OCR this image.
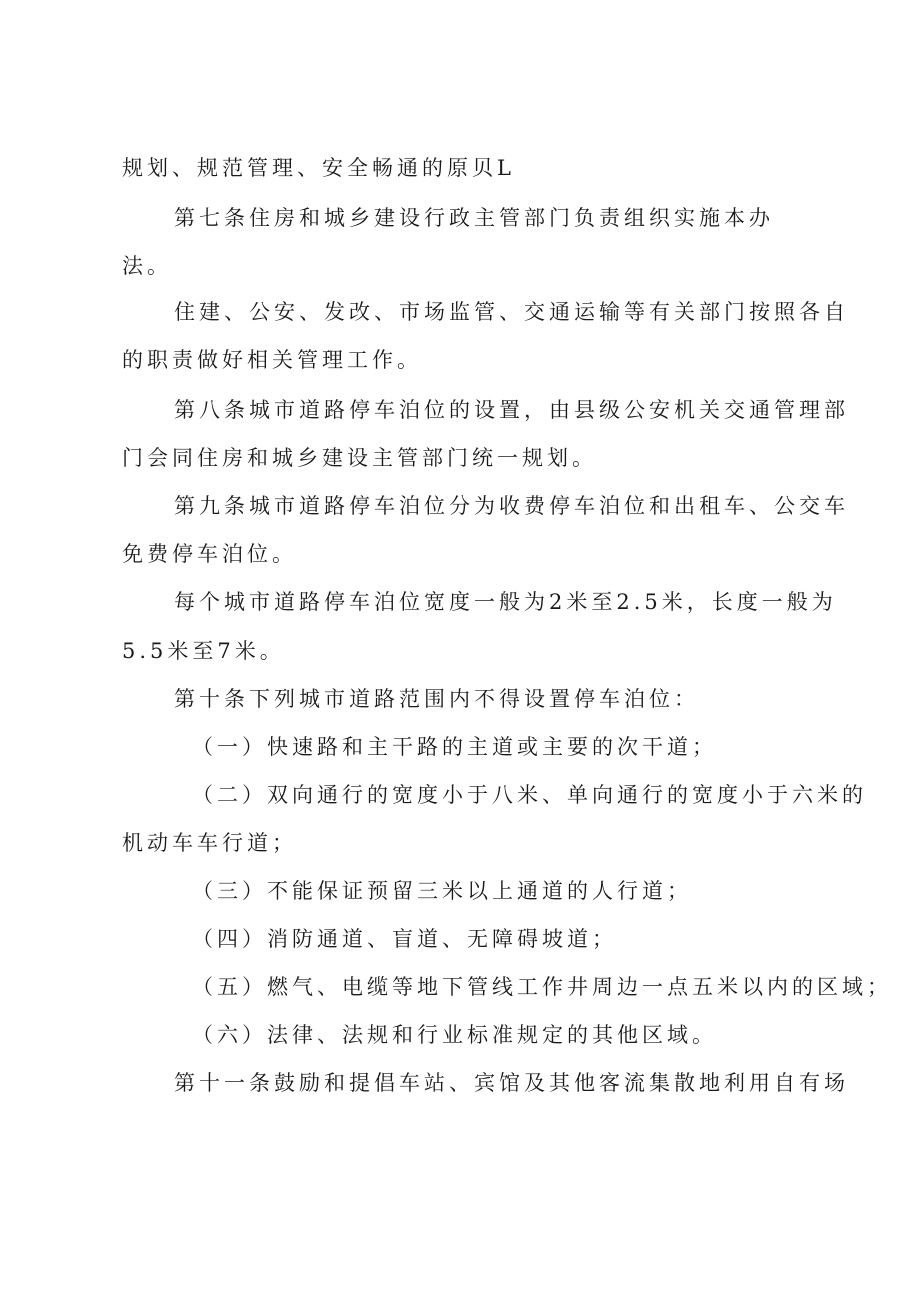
规划、规范管理、安全畅通的原贝L
第七条住房和城乡建设行政主管部门负责组织实施本办
法。
住建、公安、发改、市场监管、交通运输等有关部门按照各自
的职责做好相关管理工作。
第八条城市道路停车泊位的设置，由县级公安机关交通管理部
门会同住房和城乡建设主管部门统一规划。
第九条城市道路停车泊位分为收费停车泊位和出租车、公交车
免费停车泊位。
每个城市道路停车泊位宽度一般为2米至2.5米，长度一般为
5.5米至7米。
第十条下列城市道路范围内不得设置停车泊位：
（一）快速路和主干路的主道或主要的次干道；
（二）双向通行的宽度小于八米、单向通行的宽度小于六米的
机动车车行道；
（三）不能保证预留三米以上通道的人行道；
（四）消防通道、盲道、无障碍坡道；
（五）燃气、电缆等地下管线工作井周边一点五米以内的区域；
（六）法律、法规和行业标准规定的其他区域。
第十一条鼓励和提倡车站、宾馆及其他客流集散地利用自有场
